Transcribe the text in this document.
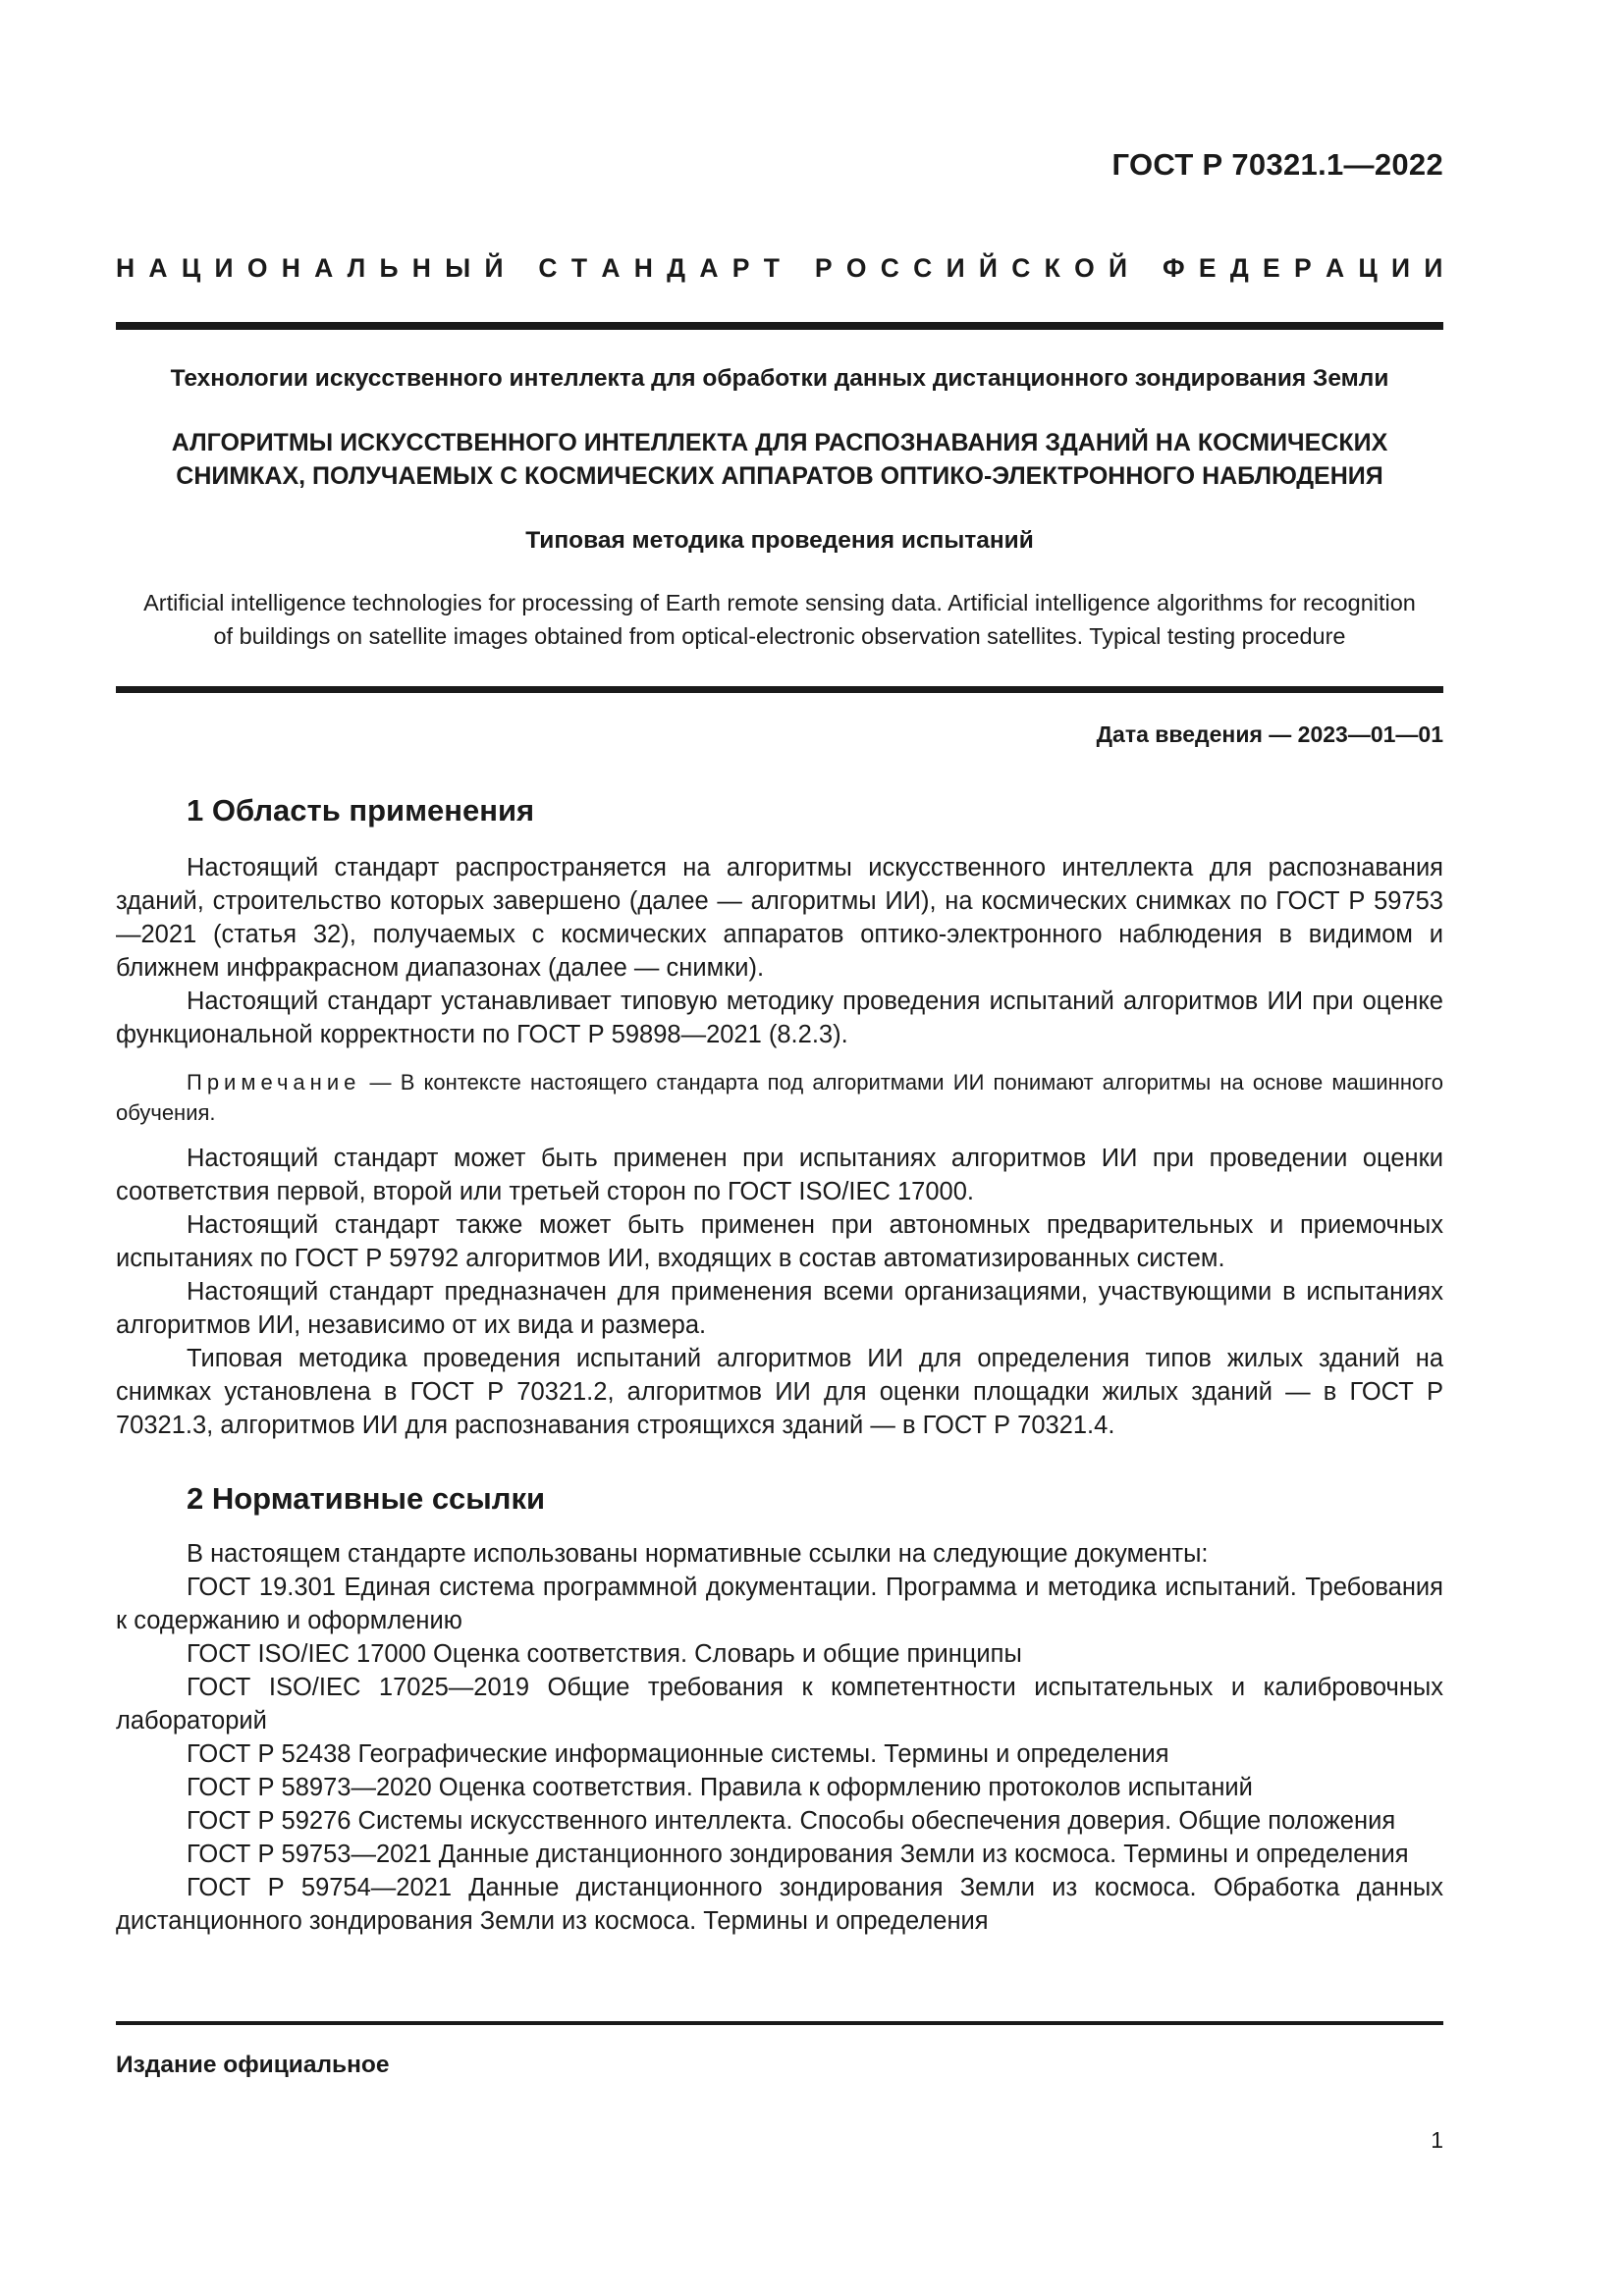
ГОСТ Р 70321.1—2022
Н А Ц И О Н А Л Ь Н Ы Й
С Т А Н Д А Р Т
Р О С С И Й С К О Й
Ф Е Д Е Р А Ц И И
Технологии искусственного интеллекта для обработки данных дистанционного зондирования Земли
АЛГОРИТМЫ ИСКУССТВЕННОГО ИНТЕЛЛЕКТА ДЛЯ РАСПОЗНАВАНИЯ ЗДАНИЙ НА КОСМИЧЕСКИХ
СНИМКАХ, ПОЛУЧАЕМЫХ С КОСМИЧЕСКИХ АППАРАТОВ ОПТИКО-ЭЛЕКТРОННОГО НАБЛЮДЕНИЯ
Типовая методика проведения испытаний
Artificial intelligence technologies for processing of Earth remote sensing data. Artificial intelligence algorithms for recognition
of buildings on satellite images obtained from optical-electronic observation satellites. Typical testing procedure
Дата введения — 2023—01—01
1 Область применения

Настоящий стандарт распространяется на алгоритмы искусственного интеллекта для распознавания зданий, строительство которых завершено (далее — алгоритмы ИИ), на космических снимках по ГОСТ Р 59753—2021 (статья 32), получаемых с космических аппаратов оптико-электронного наблюдения в видимом и ближнем инфракрасном диапазонах (далее — снимки).

Настоящий стандарт устанавливает типовую методику проведения испытаний алгоритмов ИИ при оценке функциональной корректности по ГОСТ Р 59898—2021 (8.2.3).

Примечание — В контексте настоящего стандарта под алгоритмами ИИ понимают алгоритмы на основе машинного обучения.

Настоящий стандарт может быть применен при испытаниях алгоритмов ИИ при проведении оценки соответствия первой, второй или третьей сторон по ГОСТ ISO/IEC 17000.

Настоящий стандарт также может быть применен при автономных предварительных и приемочных испытаниях по ГОСТ Р 59792 алгоритмов ИИ, входящих в состав автоматизированных систем.

Настоящий стандарт предназначен для применения всеми организациями, участвующими в испытаниях алгоритмов ИИ, независимо от их вида и размера.

Типовая методика проведения испытаний алгоритмов ИИ для определения типов жилых зданий на снимках установлена в ГОСТ Р 70321.2, алгоритмов ИИ для оценки площадки жилых зданий — в ГОСТ Р 70321.3, алгоритмов ИИ для распознавания строящихся зданий — в ГОСТ Р 70321.4.

2 Нормативные ссылки

В настоящем стандарте использованы нормативные ссылки на следующие документы:

ГОСТ 19.301 Единая система программной документации. Программа и методика испытаний. Требования к содержанию и оформлению

ГОСТ ISO/IEC 17000 Оценка соответствия. Словарь и общие принципы

ГОСТ ISO/IEC 17025—2019 Общие требования к компетентности испытательных и калибровочных лабораторий

ГОСТ Р 52438 Географические информационные системы. Термины и определения

ГОСТ Р 58973—2020 Оценка соответствия. Правила к оформлению протоколов испытаний

ГОСТ Р 59276 Системы искусственного интеллекта. Способы обеспечения доверия. Общие положения

ГОСТ Р 59753—2021 Данные дистанционного зондирования Земли из космоса. Термины и определения

ГОСТ Р 59754—2021 Данные дистанционного зондирования Земли из космоса. Обработка данных дистанционного зондирования Земли из космоса. Термины и определения

Издание официальное
1
